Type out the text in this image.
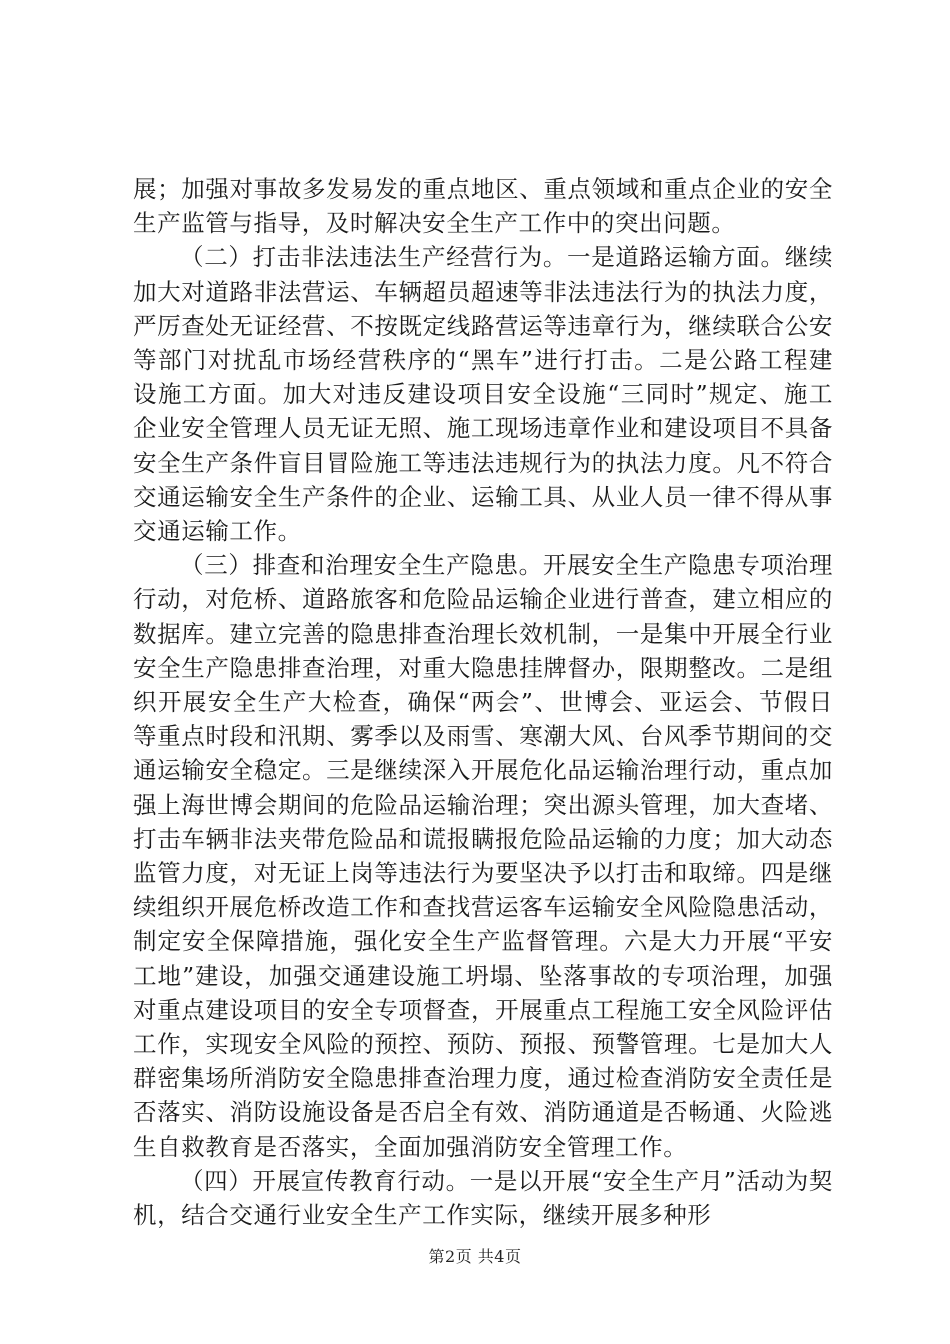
展；加强对事故多发易发的重点地区、重点领域和重点企业的安全生产监管与指导，及时解决安全生产工作中的突出问题。

（二）打击非法违法生产经营行为。一是道路运输方面。继续加大对道路非法营运、车辆超员超速等非法违法行为的执法力度，严厉查处无证经营、不按既定线路营运等违章行为，继续联合公安等部门对扰乱市场经营秩序的“黑车”进行打击。二是公路工程建设施工方面。加大对违反建设项目安全设施“三同时”规定、施工企业安全管理人员无证无照、施工现场违章作业和建设项目不具备安全生产条件盲目冒险施工等违法违规行为的执法力度。凡不符合交通运输安全生产条件的企业、运输工具、从业人员一律不得从事交通运输工作。

（三）排查和治理安全生产隐患。开展安全生产隐患专项治理行动，对危桥、道路旅客和危险品运输企业进行普查，建立相应的数据库。建立完善的隐患排查治理长效机制，一是集中开展全行业安全生产隐患排查治理，对重大隐患挂牌督办，限期整改。二是组织开展安全生产大检查，确保“两会”、世博会、亚运会、节假日等重点时段和汛期、雾季以及雨雪、寒潮大风、台风季节期间的交通运输安全稳定。三是继续深入开展危化品运输治理行动，重点加强上海世博会期间的危险品运输治理；突出源头管理，加大查堵、打击车辆非法夹带危险品和谎报瞒报危险品运输的力度；加大动态监管力度，对无证上岗等违法行为要坚决予以打击和取缔。四是继续组织开展危桥改造工作和查找营运客车运输安全风险隐患活动，制定安全保障措施，强化安全生产监督管理。六是大力开展“平安工地”建设，加强交通建设施工坍塌、坠落事故的专项治理，加强对重点建设项目的安全专项督查，开展重点工程施工安全风险评估工作，实现安全风险的预控、预防、预报、预警管理。七是加大人群密集场所消防安全隐患排查治理力度，通过检查消防安全责任是否落实、消防设施设备是否启全有效、消防通道是否畅通、火险逃生自救教育是否落实，全面加强消防安全管理工作。

（四）开展宣传教育行动。一是以开展“安全生产月”活动为契机，结合交通行业安全生产工作实际，继续开展多种形

第2页 共4页
